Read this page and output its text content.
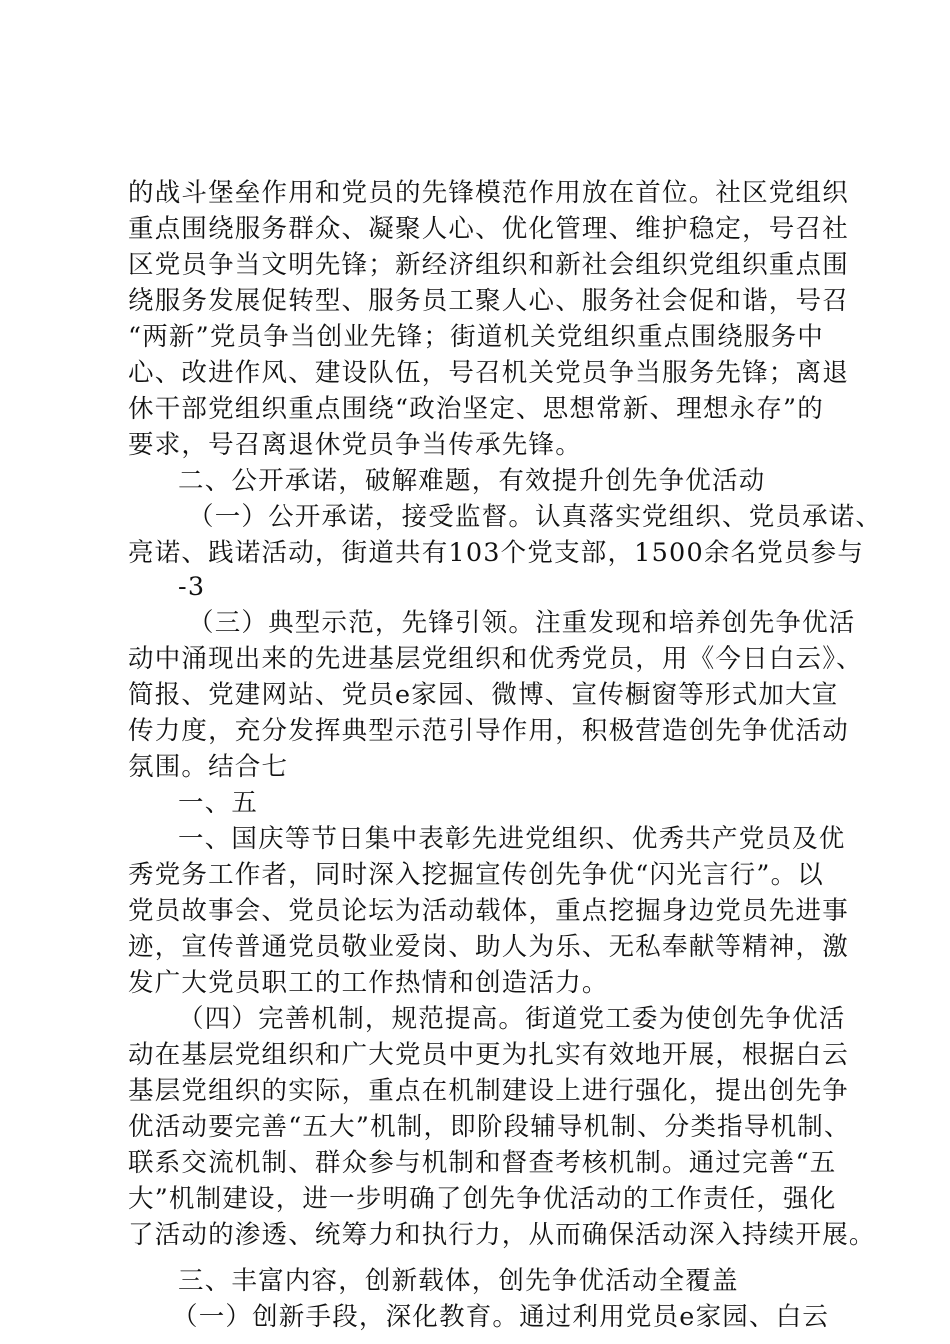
的战斗堡垒作用和党员的先锋模范作用放在首位。社区党组织
重点围绕服务群众、凝聚人心、优化管理、维护稳定，号召社
区党员争当文明先锋；新经济组织和新社会组织党组织重点围
绕服务发展促转型、服务员工聚人心、服务社会促和谐，号召
“两新”党员争当创业先锋；街道机关党组织重点围绕服务中
心、改进作风、建设队伍，号召机关党员争当服务先锋；离退
休干部党组织重点围绕“政治坚定、思想常新、理想永存”的
要求，号召离退休党员争当传承先锋。
二、公开承诺，破解难题，有效提升创先争优活动
（一）公开承诺，接受监督。认真落实党组织、党员承诺、
亮诺、践诺活动，街道共有103个党支部，1500余名党员参与
-3
（三）典型示范，先锋引领。注重发现和培养创先争优活
动中涌现出来的先进基层党组织和优秀党员，用《今日白云》、
简报、党建网站、党员e家园、微博、宣传橱窗等形式加大宣
传力度，充分发挥典型示范引导作用，积极营造创先争优活动
氛围。结合七
一、五
一、国庆等节日集中表彰先进党组织、优秀共产党员及优
秀党务工作者，同时深入挖掘宣传创先争优“闪光言行”。以
党员故事会、党员论坛为活动载体，重点挖掘身边党员先进事
迹，宣传普通党员敬业爱岗、助人为乐、无私奉献等精神，激
发广大党员职工的工作热情和创造活力。
（四）完善机制，规范提高。街道党工委为使创先争优活
动在基层党组织和广大党员中更为扎实有效地开展，根据白云
基层党组织的实际，重点在机制建设上进行强化，提出创先争
优活动要完善“五大”机制，即阶段辅导机制、分类指导机制、
联系交流机制、群众参与机制和督查考核机制。通过完善“五
大”机制建设，进一步明确了创先争优活动的工作责任，强化
了活动的渗透、统筹力和执行力，从而确保活动深入持续开展。
三、丰富内容，创新载体，创先争优活动全覆盖
（一）创新手段，深化教育。通过利用党员e家园、白云
